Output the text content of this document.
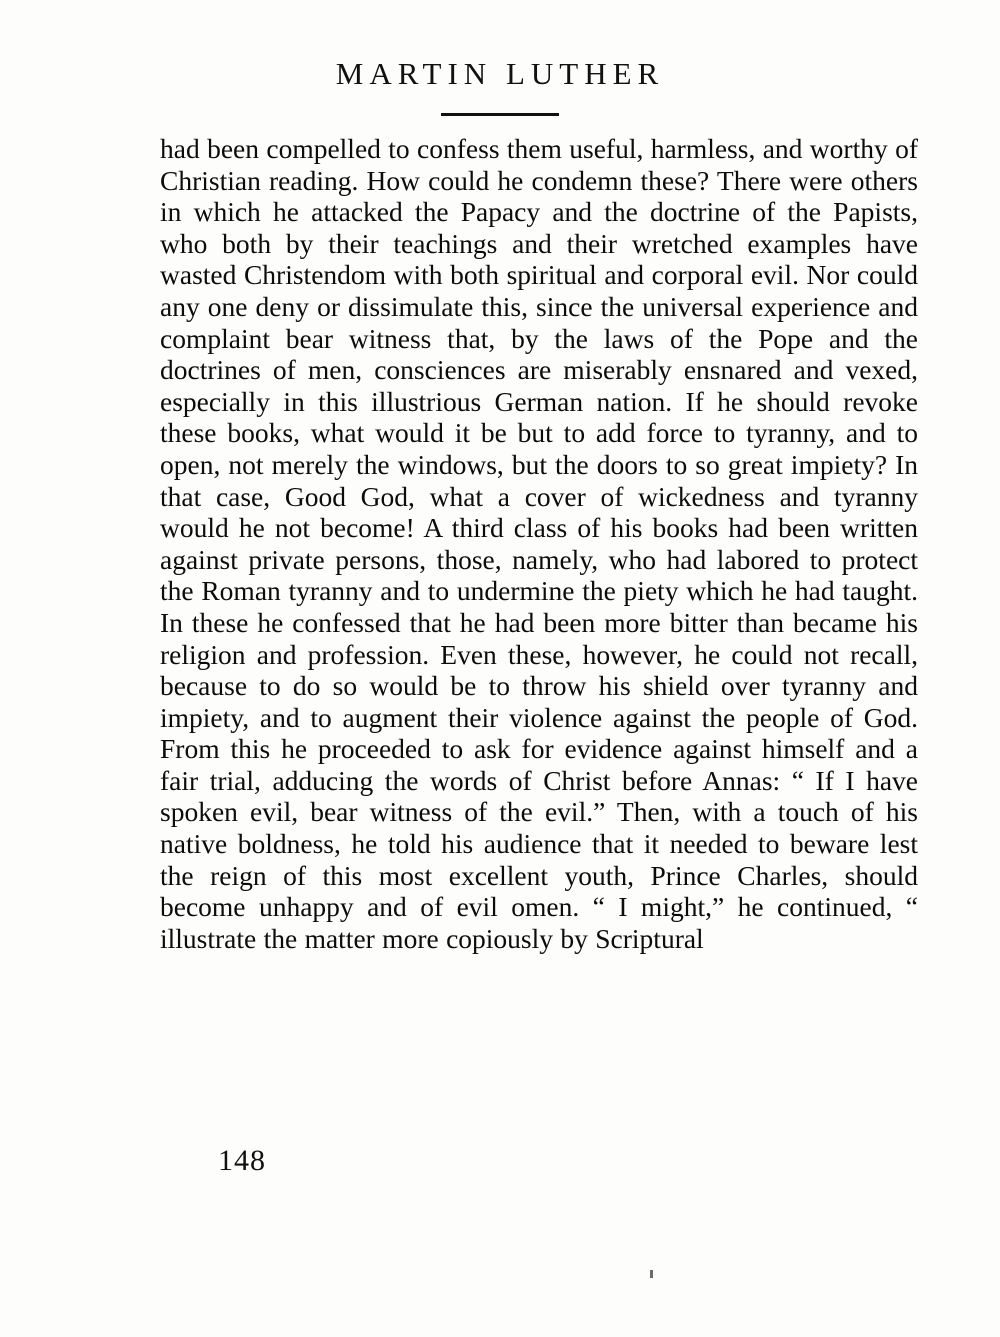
MARTIN LUTHER
had been compelled to confess them useful, harmless, and worthy of Christian reading. How could he condemn these? There were others in which he attacked the Papacy and the doctrine of the Papists, who both by their teachings and their wretched examples have wasted Christendom with both spiritual and corporal evil. Nor could any one deny or dissimulate this, since the universal experience and complaint bear witness that, by the laws of the Pope and the doctrines of men, consciences are miserably ensnared and vexed, especially in this illustrious German nation. If he should revoke these books, what would it be but to add force to tyranny, and to open, not merely the windows, but the doors to so great impiety? In that case, Good God, what a cover of wickedness and tyranny would he not become! A third class of his books had been written against private persons, those, namely, who had labored to protect the Roman tyranny and to undermine the piety which he had taught. In these he confessed that he had been more bitter than became his religion and profession. Even these, however, he could not recall, because to do so would be to throw his shield over tyranny and impiety, and to augment their violence against the people of God. From this he proceeded to ask for evidence against himself and a fair trial, adducing the words of Christ before Annas: “ If I have spoken evil, bear witness of the evil.” Then, with a touch of his native boldness, he told his audience that it needed to beware lest the reign of this most excellent youth, Prince Charles, should become unhappy and of evil omen. “ I might,” he continued, “ illustrate the matter more copiously by Scriptural
148
